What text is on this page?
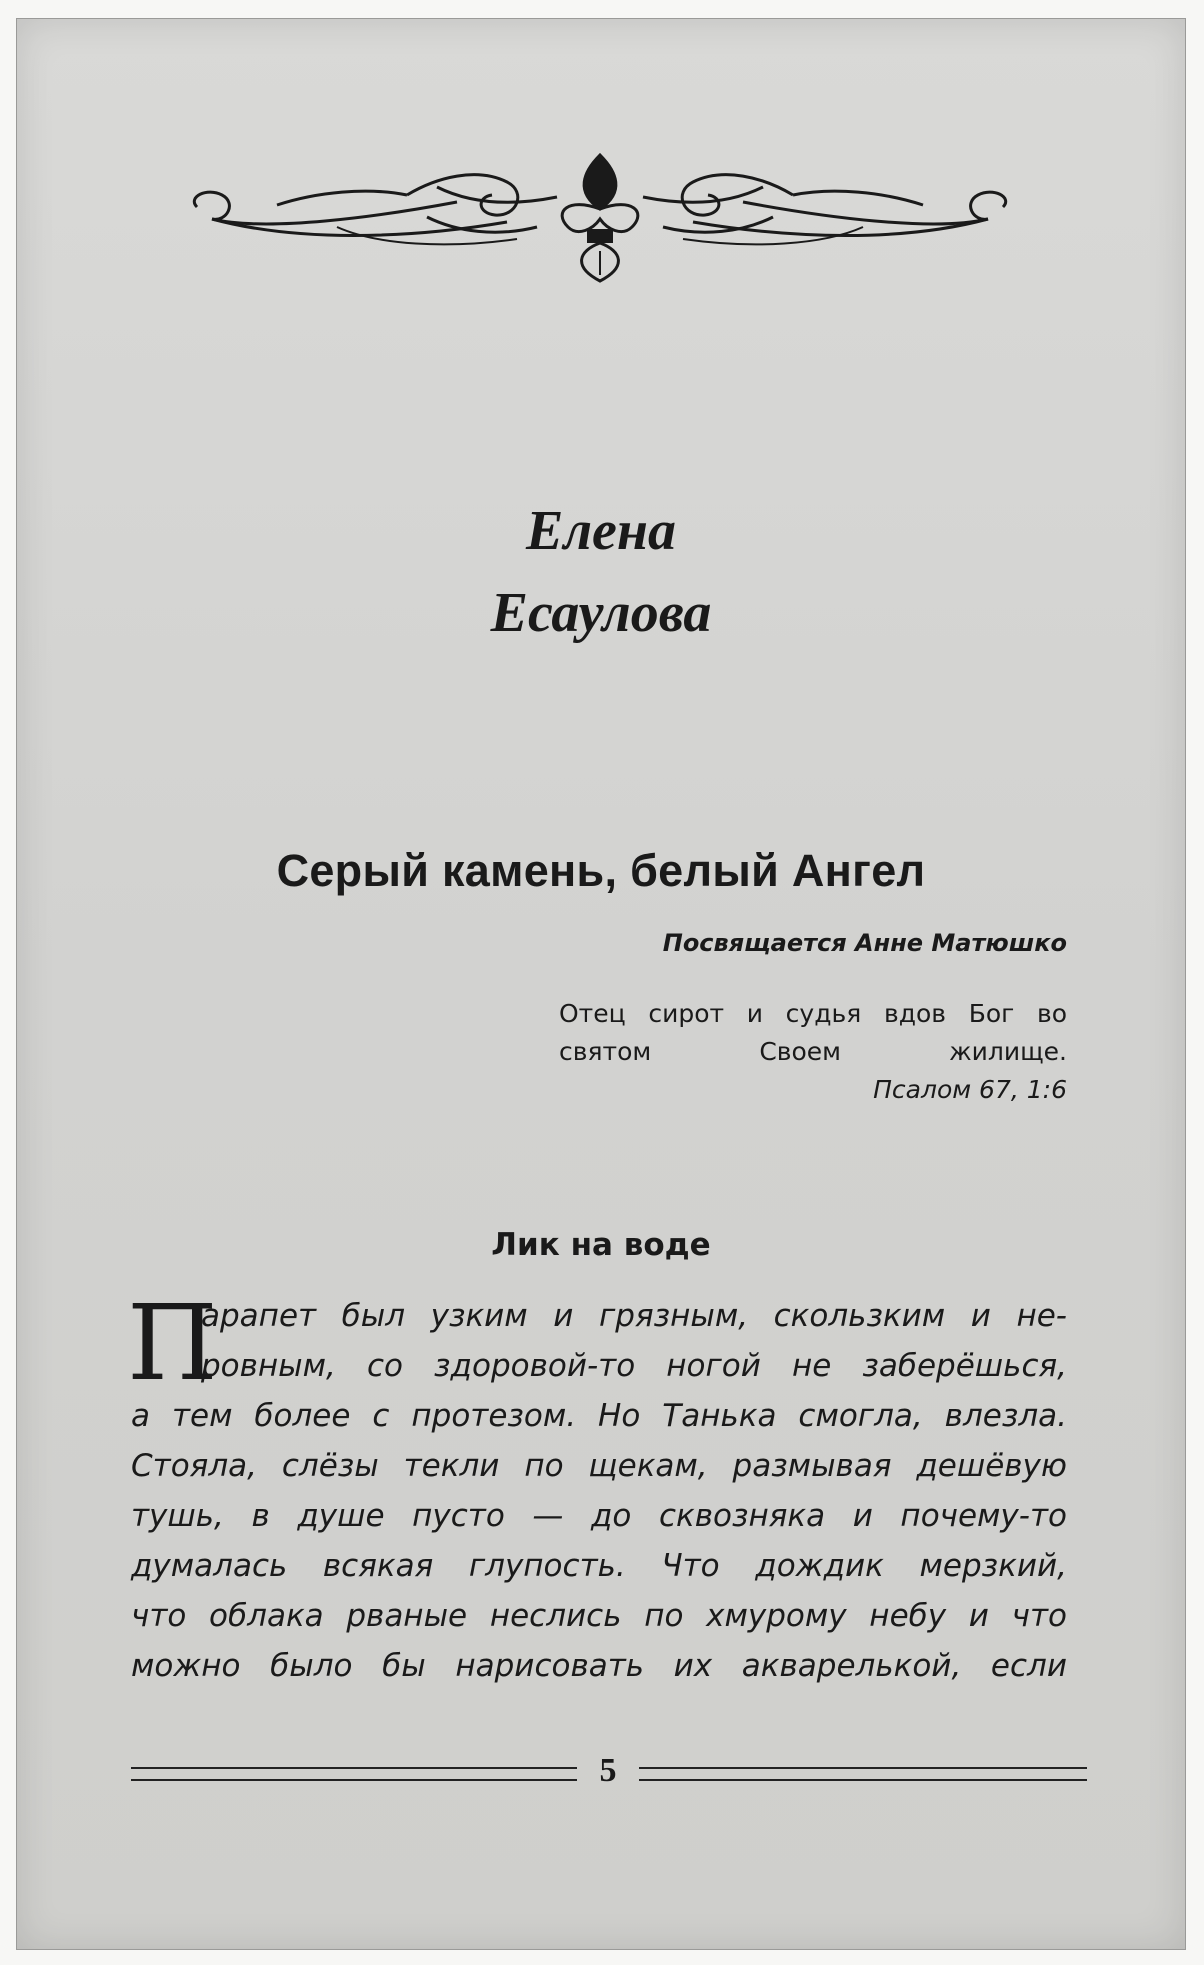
Елена
Есаулова
Серый камень, белый Ангел
Посвящается Анне Матюшко
Отец сирот и судья вдов Бог во святом Своем жилище.
Псалом 67, 1:6
Лик на воде
П
арапет был узким и грязным, скользким и не-
ровным, со здоровой-то ногой не заберёшься,
а тем более с протезом. Но Танька смогла, влезла.
Стояла, слёзы текли по щекам, размывая дешёвую
тушь, в душе пусто — до сквозняка и почему-то
думалась всякая глупость. Что дождик мерзкий,
что облака рваные неслись по хмурому небу и что
можно было бы нарисовать их акварелькой, если
5
